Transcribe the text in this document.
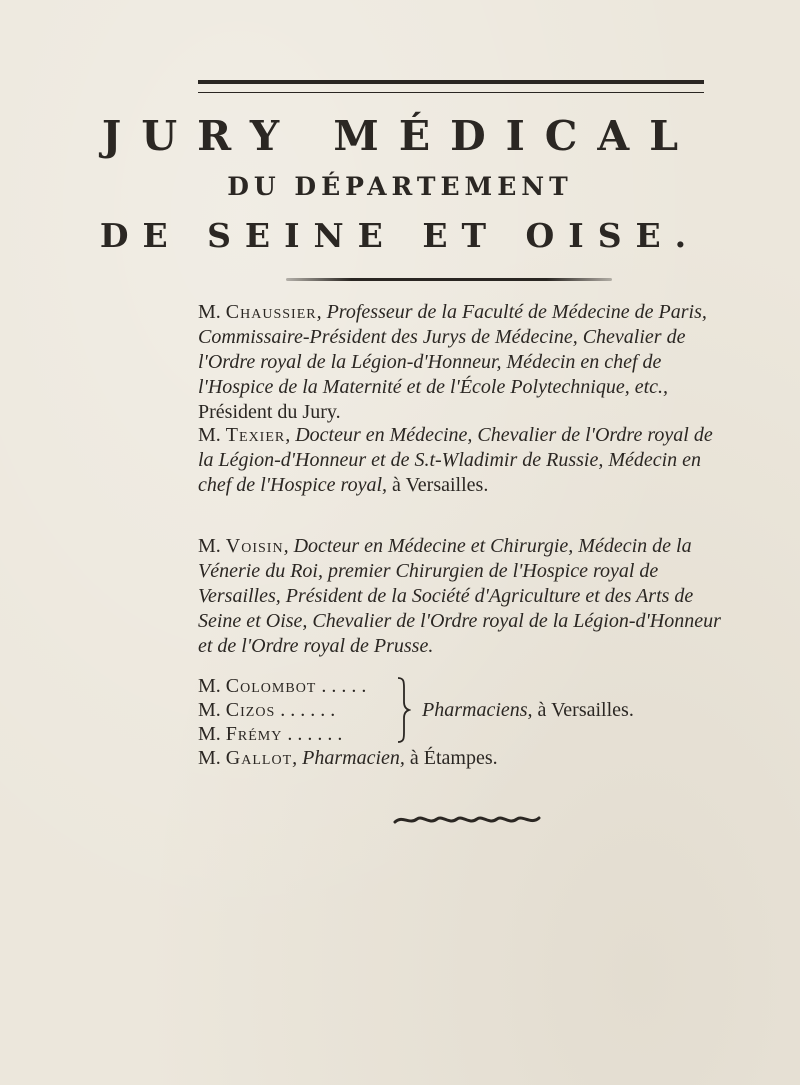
JURY MÉDICAL
DU DÉPARTEMENT
DE SEINE ET OISE.

M. Chaussier, Professeur de la Faculté de Médecine de Paris, Commissaire-Président des Jurys de Médecine, Chevalier de l'Ordre royal de la Légion-d'Honneur, Médecin en chef de l'Hospice de la Maternité et de l'École Polytechnique, etc., Président du Jury.

M. Texier, Docteur en Médecine, Chevalier de l'Ordre royal de la Légion-d'Honneur et de S.t-Wladimir de Russie, Médecin en chef de l'Hospice royal, à Versailles.

M. Voisin, Docteur en Médecine et Chirurgie, Médecin de la Vénerie du Roi, premier Chirurgien de l'Hospice royal de Versailles, Président de la Société d'Agriculture et des Arts de Seine et Oise, Chevalier de l'Ordre royal de la Légion-d'Honneur et de l'Ordre royal de Prusse.

M. Colombot . . . . .
M. Cizos . . . . . .
M. Frémy . . . . . .
Pharmaciens, à Versailles.
M. Gallot, Pharmacien, à Étampes.
